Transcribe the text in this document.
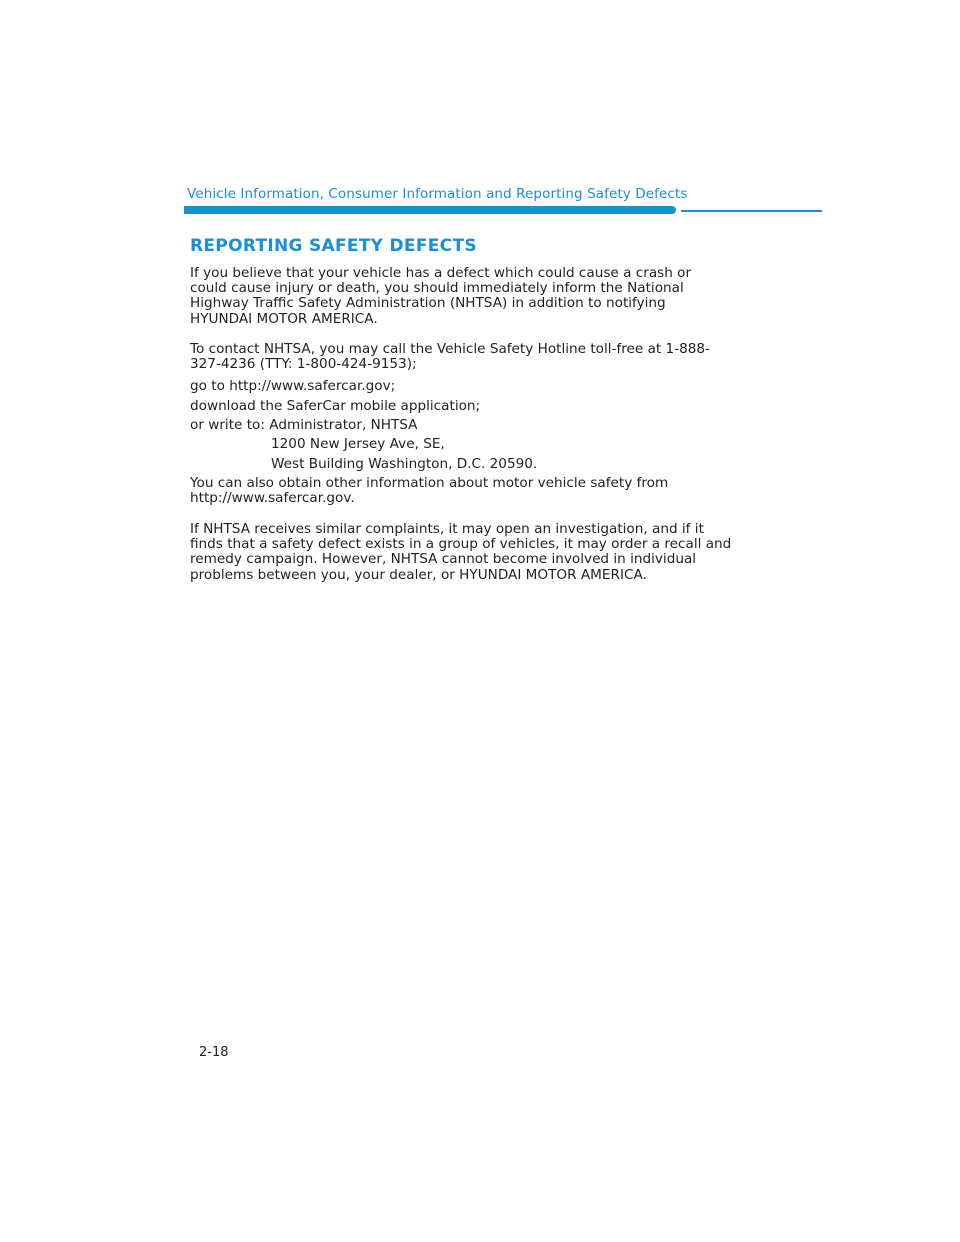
Vehicle Information, Consumer Information and Reporting Safety Defects
REPORTING SAFETY DEFECTS

If you believe that your vehicle has a defect which could cause a crash or
could cause injury or death, you should immediately inform the National
Highway Traffic Safety Administration (NHTSA) in addition to notifying
HYUNDAI MOTOR AMERICA.

To contact NHTSA, you may call the Vehicle Safety Hotline toll-free at 1-888-
327-4236 (TTY: 1-800-424-9153);

go to http://www.safercar.gov;

download the SaferCar mobile application;

or write to: Administrator, NHTSA

1200 New Jersey Ave, SE,
West Building Washington, D.C. 20590.

You can also obtain other information about motor vehicle safety from
http://www.safercar.gov.

If NHTSA receives similar complaints, it may open an investigation, and if it
finds that a safety defect exists in a group of vehicles, it may order a recall and
remedy campaign. However, NHTSA cannot become involved in individual
problems between you, your dealer, or HYUNDAI MOTOR AMERICA.

2-18
